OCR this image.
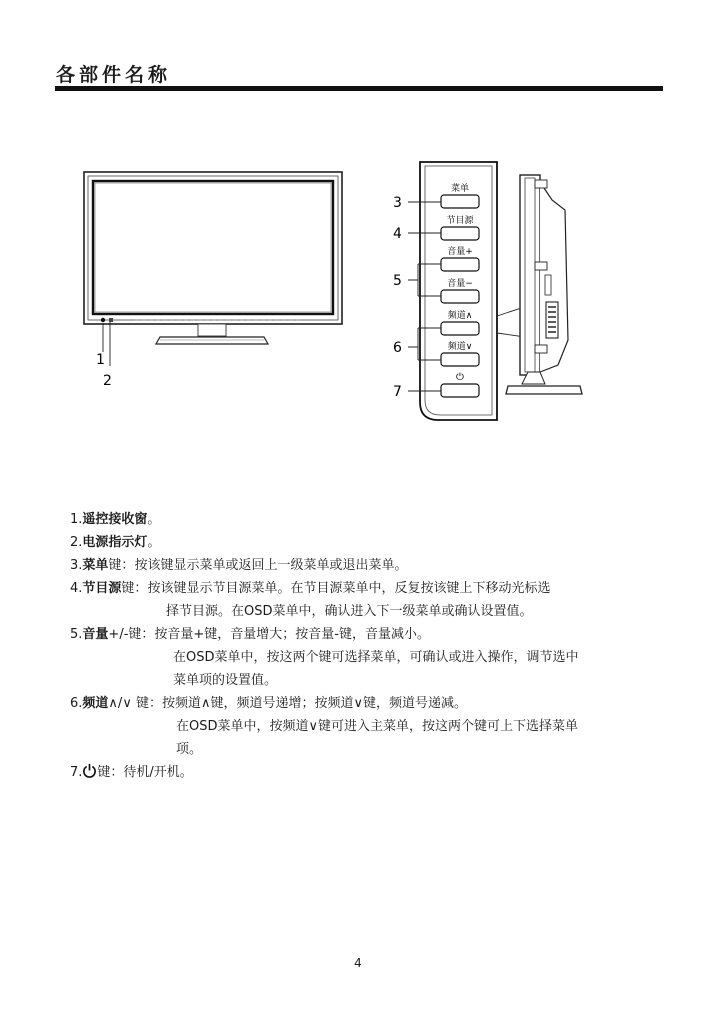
各部件名称
1
2
菜单
节目源
音量+
音量−
频道∧
频道∨
⏻
3
4
5
6
7
1.遥控接收窗。
2.电源指示灯。
3.菜单键：按该键显示菜单或返回上一级菜单或退出菜单。
4.节目源键：按该键显示节目源菜单。在节目源菜单中，反复按该键上下移动光标选
择节目源。在OSD菜单中，确认进入下一级菜单或确认设置值。
5.音量+/-键：按音量+键，音量增大；按音量-键，音量减小。
在OSD菜单中，按这两个键可选择菜单，可确认或进入操作，调节选中
菜单项的设置值。
6.频道∧/∨ 键：按频道∧键，频道号递增；按频道∨键，频道号递减。
在OSD菜单中，按频道∨键可进入主菜单，按这两个键可上下选择菜单
项。
7. 键：待机/开机。
4
